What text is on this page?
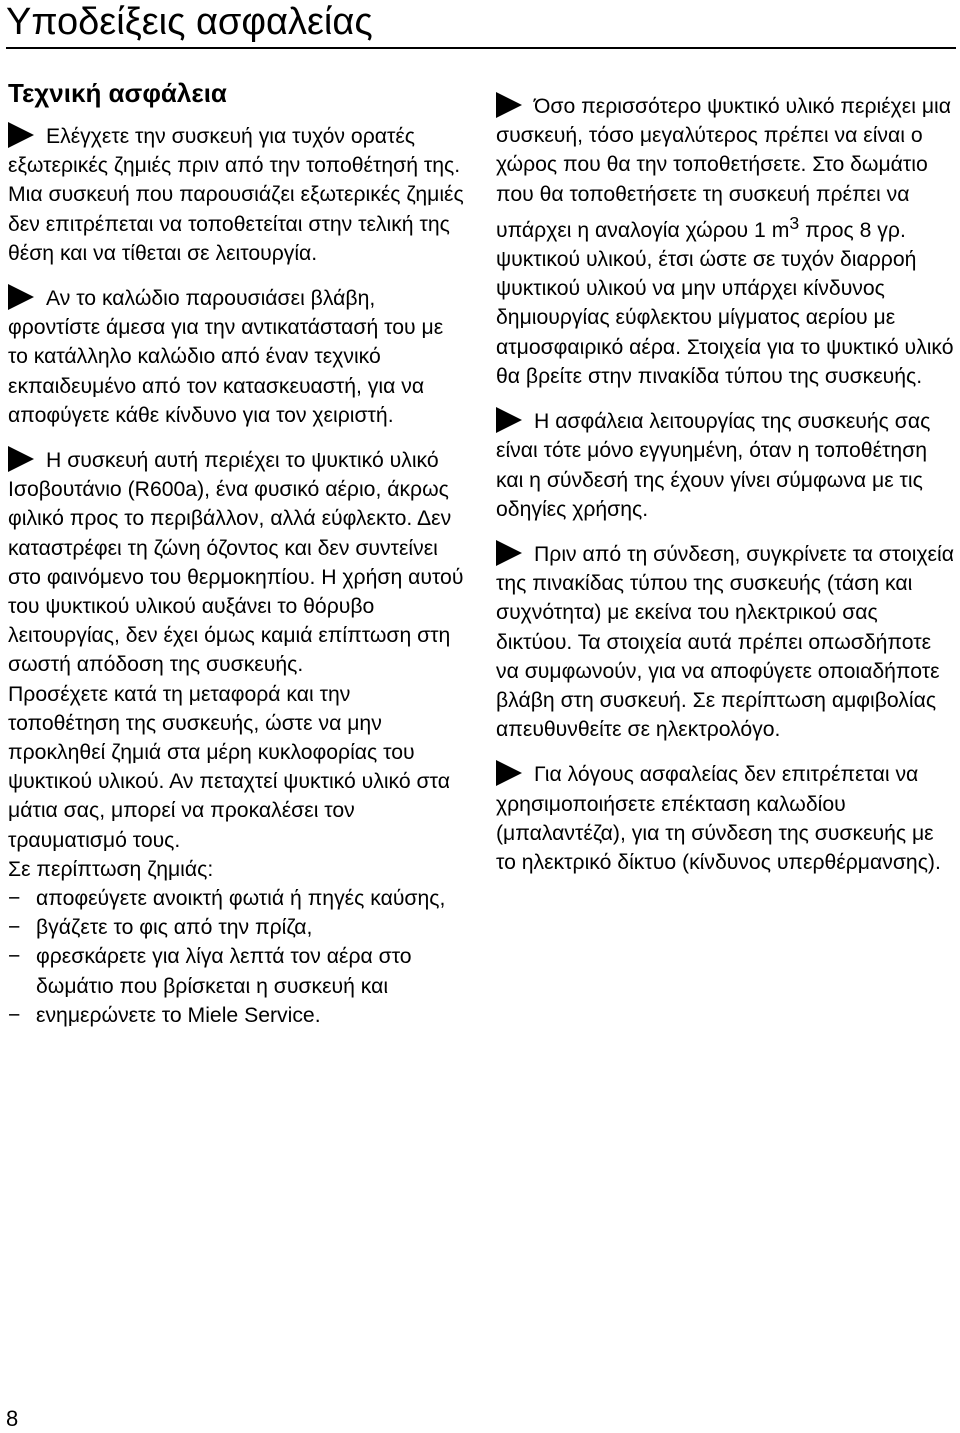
Υποδείξεις ασφαλείας
Τεχνική ασφάλεια
Ελέγχετε την συσκευή για τυχόν ορατές εξωτερικές ζημιές πριν από την τοποθέτησή της.
Μια συσκευή που παρουσιάζει εξωτερικές ζημιές δεν επιτρέπεται να τοποθετείται στην τελική της θέση και να τίθεται σε λειτουργία.
Αν το καλώδιο παρουσιάσει βλάβη, φροντίστε άμεσα για την αντικατάστασή του με το κατάλληλο καλώδιο από έναν τεχνικό εκπαιδευμένο από τον κατασκευαστή, για να αποφύγετε κάθε κίνδυνο για τον χειριστή.
Η συσκευή αυτή περιέχει το ψυκτικό υλικό Ισοβουτάνιο (R600a), ένα φυσικό αέριο, άκρως φιλικό προς το περιβάλλον, αλλά εύφλεκτο. Δεν καταστρέφει τη ζώνη όζοντος και δεν συντείνει στο φαινόμενο του θερμοκηπίου. Η χρήση αυτού του ψυκτικού υλικού αυξάνει το θόρυβο λειτουργίας, δεν έχει όμως καμιά επίπτωση στη σωστή απόδοση της συσκευής.
Προσέχετε κατά τη μεταφορά και την τοποθέτηση της συσκευής, ώστε να μην προκληθεί ζημιά στα μέρη κυκλοφορίας του ψυκτικού υλικού. Αν πεταχτεί ψυκτικό υλικό στα μάτια σας, μπορεί να προκαλέσει τον τραυματισμό τους.
Σε περίπτωση ζημιάς:
− αποφεύγετε ανοικτή φωτιά ή πηγές καύσης,
− βγάζετε το φις από την πρίζα,
− φρεσκάρετε για λίγα λεπτά τον αέρα στο δωμάτιο που βρίσκεται η συσκευή και
− ενημερώνετε το Miele Service.
Όσο περισσότερο ψυκτικό υλικό περιέχει μια συσκευή, τόσο μεγαλύτερος πρέπει να είναι ο χώρος που θα την τοποθετήσετε. Στο δωμάτιο που θα τοποθετήσετε τη συσκευή πρέπει να υπάρχει η αναλογία χώρου 1 $m^3$ προς 8 γρ. ψυκτικού υλικού, έτσι ώστε σε τυχόν διαρροή ψυκτικού υλικού να μην υπάρχει κίνδυνος δημιουργίας εύφλεκτου μίγματος αερίου με ατμοσφαιρικό αέρα. Στοιχεία για το ψυκτικό υλικό θα βρείτε στην πινακίδα τύπου της συσκευής.
Η ασφάλεια λειτουργίας της συσκευής σας είναι τότε μόνο εγγυημένη, όταν η τοποθέτηση και η σύνδεσή της έχουν γίνει σύμφωνα με τις οδηγίες χρήσης.
Πριν από τη σύνδεση, συγκρίνετε τα στοιχεία της πινακίδας τύπου της συσκευής (τάση και συχνότητα) με εκείνα του ηλεκτρικού σας δικτύου. Τα στοιχεία αυτά πρέπει οπωσδήποτε να συμφωνούν, για να αποφύγετε οποιαδήποτε βλάβη στη συσκευή. Σε περίπτωση αμφιβολίας απευθυνθείτε σε ηλεκτρολόγο.
Για λόγους ασφαλείας δεν επιτρέπεται να χρησιμοποιήσετε επέκταση καλωδίου (μπαλαντέζα), για τη σύνδεση της συσκευής με το ηλεκτρικό δίκτυο (κίνδυνος υπερθέρμανσης).
8
